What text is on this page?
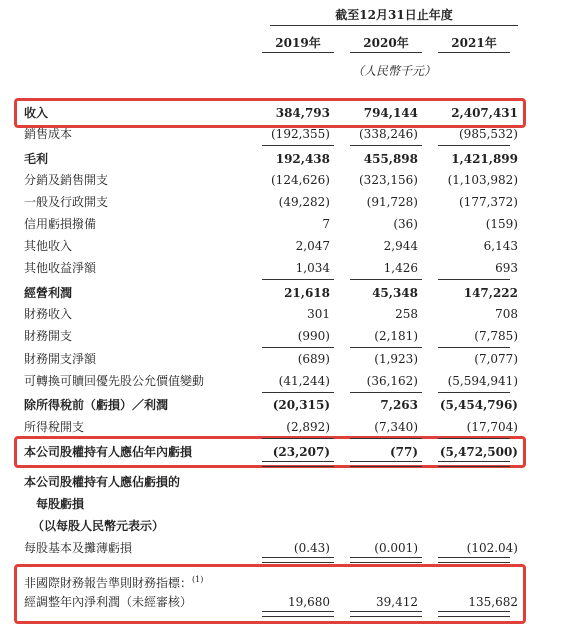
截至12月31日止年度
2019年	2020年	2021年
（人民幣千元）
收入	384,793	794,144	2,407,431
銷售成本	(192,355) (338,246)	(985,532)
毛利	192,438	455,898	1,421,899
分銷及銷售開支	(124,626) (323,156) (1,103,982)
一般及行政開支	(49,282)	(91,728)	(177,372)
信用虧損撥備	7	(36)	(159)
其他收入	2,047	2,944	6,143
其他收益淨額	1,034	1,426	693
經營利潤	21,618	45,348	147,222
財務收入	301	258	708
財務開支	(990)	(2,181)	(7,785)
財務開支淨額	(689)	(1,923)	(7,077)
可轉換可贖回優先股公允價值變動	(41,244)	(36,162) (5,594,941)
除所得稅前（虧損）／利潤	(20,315)	7,263 (5,454,796)
所得稅開支	(2,892)	(7,340)	(17,704)
本公司股權持有人應佔年內虧損	(23,207)	(77) (5,472,500)
本公司股權持有人應佔虧損的
每股虧損
（以每股人民幣元表示）
每股基本及攤薄虧損	(0.43)	(0.001)	(102.04)
非國際財務報告準則財務指標：$^{(1)}$
經調整年內淨利潤（未經審核）	19,680	39,412	135,682
